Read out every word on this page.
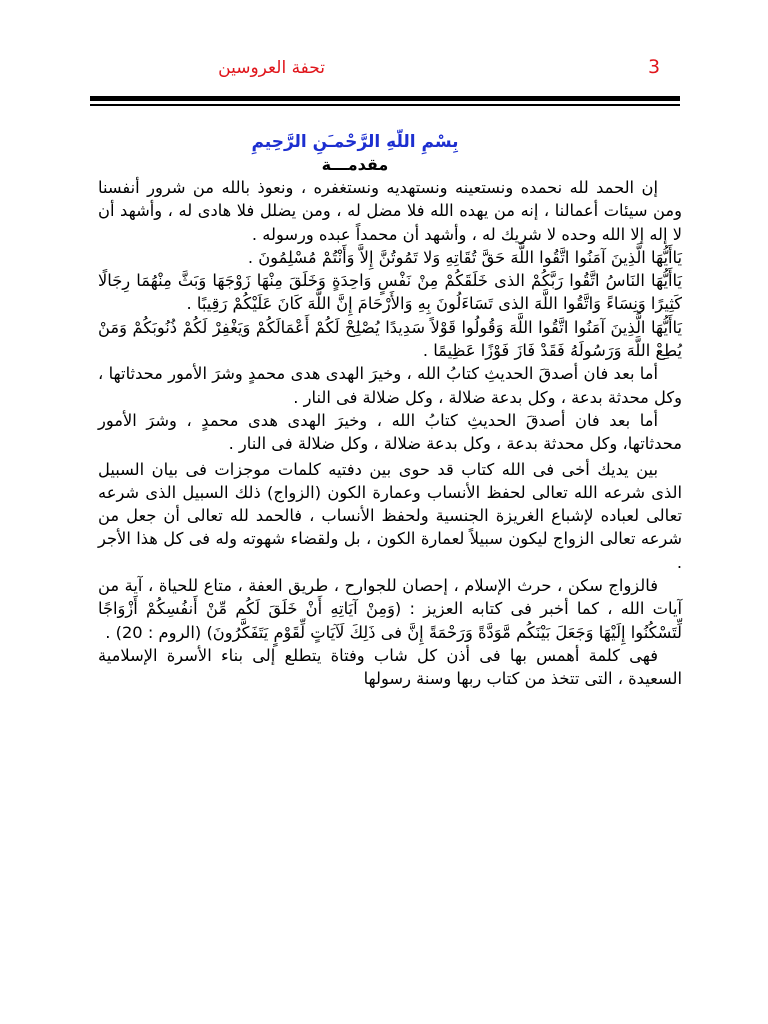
تحفة العروسين	3
بِسْمِ اللّهِ الرَّحْمـَنِ الرَّحِيمِ
مقدمـــة

إن الحمد لله نحمده ونستعينه ونستهديه ونستغفره ، ونعوذ بالله من شرور أنفسنا ومن سيئات أعمالنا ، إنه من يهده الله فلا مضل له ، ومن يضلل فلا هادى له ، وأشهد أن لا إله إلا الله وحده لا شريك له ، وأشهد أن محمداً عبده ورسوله .

يَاأَيُّهَا الَّذِينَ آمَنُوا اتَّقُوا اللَّهَ حَقَّ تُقَاتِهِ وَلا تَمُوتُنَّ إِلاَّ وَأَنْتُمْ مُسْلِمُونَ .

يَاأَيُّهَا النَاسُ اتَّقُوا رَبَّكُمْ الذى خَلَقَكُمْ مِنْ نَفْسٍ وَاحِدَةٍ وَخَلَقَ مِنْهَا زَوْجَهَا وَبَثَّ مِنْهُمَا رِجَالًا كَثِيرًا وَنِسَاءً وَاتَّقُوا اللَّهَ الذى تَسَاءَلُونَ بِهِ وَالأَرْحَامَ إِنَّ اللَّهَ كَانَ عَلَيْكُمْ رَقِيبًا .

يَاأَيُّهَا الَّذِينَ آمَنُوا اتَّقُوا اللَّهَ وَقُولُوا قَوْلاً سَدِيدًا يُصْلِحْ لَكُمْ أَعْمَالَكُمْ وَيَغْفِرْ لَكُمْ ذُنُوبَكُمْ وَمَنْ يُطِعْ اللَّهَ وَرَسُولَهُ فَقَدْ فَازَ فَوْزًا عَظِيمًا .

أما بعد فان أصدقَ الحديثِ كتابُ الله ، وخيرَ الهدى هدى محمدٍ وشرَ الأمور محدثاتها ، وكل محدثة بدعة ، وكل بدعة ضلالة ، وكل ضلالة فى النار .

أما بعد فان أصدقَ الحديثِ كتابُ الله ، وخيرَ الهدى هدى محمدٍ ، وشرَ الأمور محدثاتها، وكل محدثة بدعة ، وكل بدعة ضلالة ، وكل ضلالة فى النار .

بين يديك أخى فى الله كتاب قد حوى بين دفتيه كلمات موجزات فى بيان السبيل الذى شرعه الله تعالى لحفظ الأنساب وعمارة الكون (الزواج) ذلك السبيل الذى شرعه تعالى لعباده لإشباع الغريزة الجنسية ولحفظ الأنساب ، فالحمد لله تعالى أن جعل من شرعه تعالى الزواج ليكون سبيلاً لعمارة الكون ، بل ولقضاء شهوته وله فى كل هذا الأجر .

فالزواج سكن ، حرث الإسلام ، إحصان للجوارح ، طريق العفة ، متاع للحياة ، آية من آيات الله ، كما أخبر فى كتابه العزيز : (وَمِنْ آيَاتِهِ أَنْ خَلَقَ لَكُم مِّنْ أَنفُسِكُمْ أَزْوَاجًا لِّتَسْكُنُوا إِلَيْهَا وَجَعَلَ بَيْنَكُم مَّوَدَّةً وَرَحْمَةً إِنَّ فى ذَلِكَ لَآيَاتٍ لِّقَوْمٍ يَتَفَكَّرُونَ) (الروم : 20) .

فهى كلمة أهمس بها فى أذن كل شاب وفتاة يتطلع إلى بناء الأسرة الإسلامية السعيدة ، التى تتخذ من كتاب ربها وسنة رسولها
